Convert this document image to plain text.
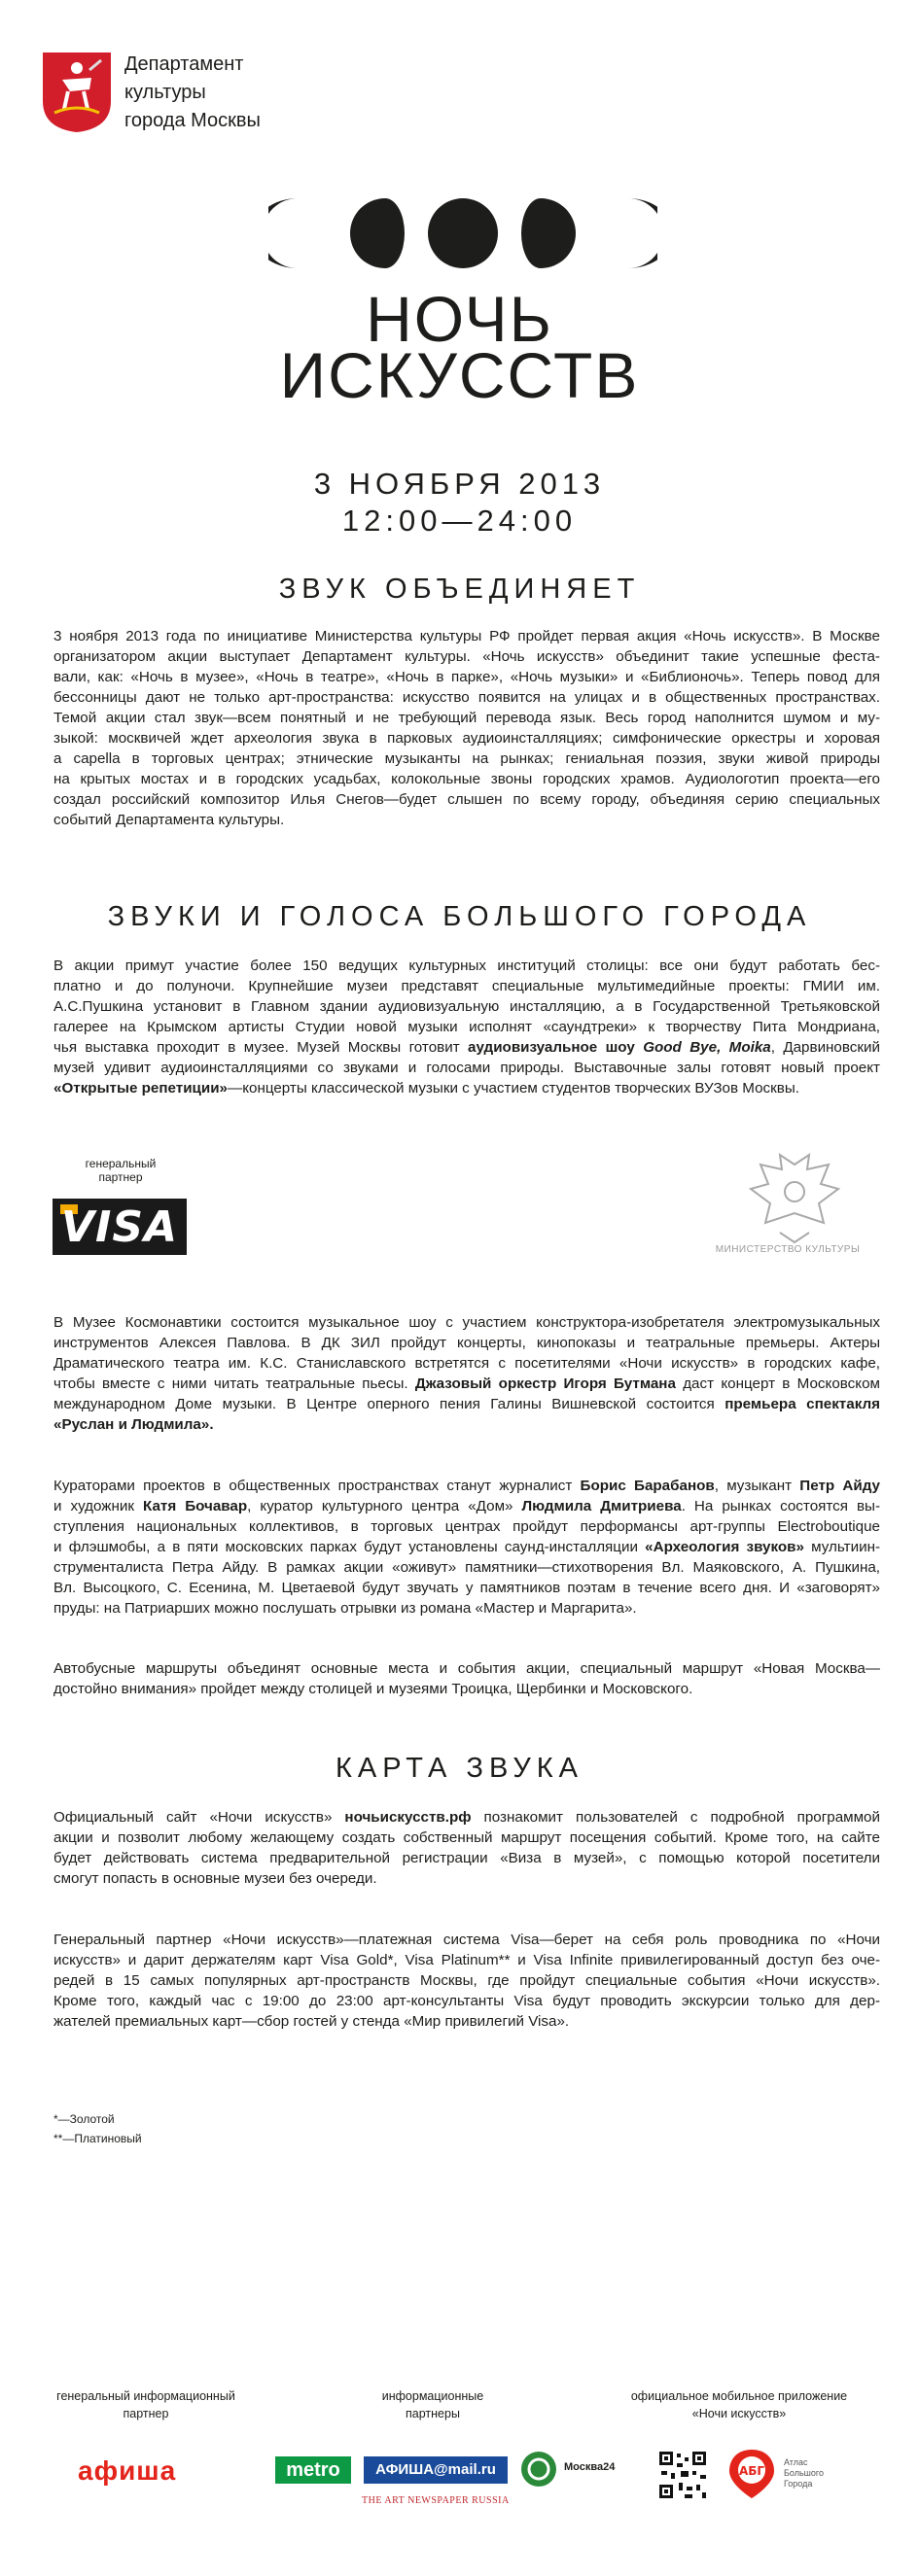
Департамент
культуры
города Москвы
НОЧЬ
ИСКУССТВ
3 НОЯБРЯ 2013
12:00—24:00
ЗВУК ОБЪЕДИНЯЕТ
3 ноября 2013 года по инициативе Министерства культуры РФ пройдет первая акция «Ночь искусств». В Москве
организатором акции выступает Департамент культуры. «Ночь искусств» объединит такие успешные феста-
вали, как: «Ночь в музее», «Ночь в театре», «Ночь в парке», «Ночь музыки» и «Библионочь». Теперь повод для
бессонницы дают не только арт-пространства: искусство появится на улицах и в общественных пространствах.
Темой акции стал звук—всем понятный и не требующий перевода язык. Весь город наполнится шумом и му-
зыкой: москвичей ждет археология звука в парковых аудиоинсталляциях; симфонические оркестры и хоровая
a capella в торговых центрах; этнические музыканты на рынках; гениальная поэзия, звуки живой природы
на крытых мостах и в городских усадьбах, колокольные звоны городских храмов. Аудиологотип проекта—его
создал российский композитор Илья Снегов—будет слышен по всему городу, объединяя серию специальных
событий Департамента культуры.
ЗВУКИ И ГОЛОСА БОЛЬШОГО ГОРОДА
В акции примут участие более 150 ведущих культурных институций столицы: все они будут работать бес-
платно и до полуночи. Крупнейшие музеи представят специальные мультимедийные проекты: ГМИИ им.
А.С.Пушкина установит в Главном здании аудиовизуальную инсталляцию, а в Государственной Третьяковской
галерее на Крымском артисты Студии новой музыки исполнят «саундтреки» к творчеству Пита Мондриана,
чья выставка проходит в музее. Музей Москвы готовит аудиовизуальное шоу Good Bye, Moika, Дарвиновский
музей удивит аудиоинсталляциями со звуками и голосами природы. Выставочные залы готовят новый проект
«Открытые репетиции»—концерты классической музыки с участием студентов творческих ВУЗов Москвы.
генеральный
партнер
VISA	МИНИСТЕРСТВО КУЛЬТУРЫ
В Музее Космонавтики состоится музыкальное шоу с участием конструктора-изобретателя электромузыкальных
инструментов Алексея Павлова. В ДК ЗИЛ пройдут концерты, кинопоказы и театральные премьеры. Актеры
Драматического театра им. К.С. Станиславского встретятся с посетителями «Ночи искусств» в городских кафе,
чтобы вместе с ними читать театральные пьесы. Джазовый оркестр Игоря Бутмана даст концерт в Московском
международном Доме музыки. В Центре оперного пения Галины Вишневской состоится премьера спектакля
«Руслан и Людмила».
Кураторами проектов в общественных пространствах станут журналист Борис Барабанов, музыкант Петр Айду
и художник Катя Бочавар, куратор культурного центра «Дом» Людмила Дмитриева. На рынках состоятся вы-
ступления национальных коллективов, в торговых центрах пройдут перформансы арт-группы Electroboutique
и флэшмобы, а в пяти московских парках будут установлены саунд-инсталляции «Археология звуков» мультиин-
струменталиста Петра Айду. В рамках акции «оживут» памятники—стихотворения Вл. Маяковского, А. Пушкина,
Вл. Высоцкого, С. Есенина, М. Цветаевой будут звучать у памятников поэтам в течение всего дня. И «заговорят»
пруды: на Патриарших можно послушать отрывки из романа «Мастер и Маргарита».
Автобусные маршруты объединят основные места и события акции, специальный маршрут «Новая Москва—
достойно внимания» пройдет между столицей и музеями Троицка, Щербинки и Московского.
КАРТА ЗВУКА
Официальный сайт «Ночи искусств» ночьискусств.рф познакомит пользователей с подробной программой
акции и позволит любому желающему создать собственный маршрут посещения событий. Кроме того, на сайте
будет действовать система предварительной регистрации «Виза в музей», с помощью которой посетители
смогут попасть в основные музеи без очереди.
Генеральный партнер «Ночи искусств»—платежная система Visa—берет на себя роль проводника по «Ночи
искусств» и дарит держателям карт Visa Gold*, Visa Platinum** и Visa Infinite привилегированный доступ без оче-
редей в 15 самых популярных арт-пространств Москвы, где пройдут специальные события «Ночи искусств».
Кроме того, каждый час с 19:00 до 23:00 арт-консультанты Visa будут проводить экскурсии только для дер-
жателей премиальных карт—сбор гостей у стенда «Мир привилегий Visa».
*—Золотой
**—Платиновый
генеральный информационный
партнер
информационные
партнеры
официальное мобильное приложение
«Ночи искусств»
афиша	metro	АФИША@mail.ru	Москва24
THE ART NEWSPAPER RUSSIA
АБГ
Атлас
Большого
Города
